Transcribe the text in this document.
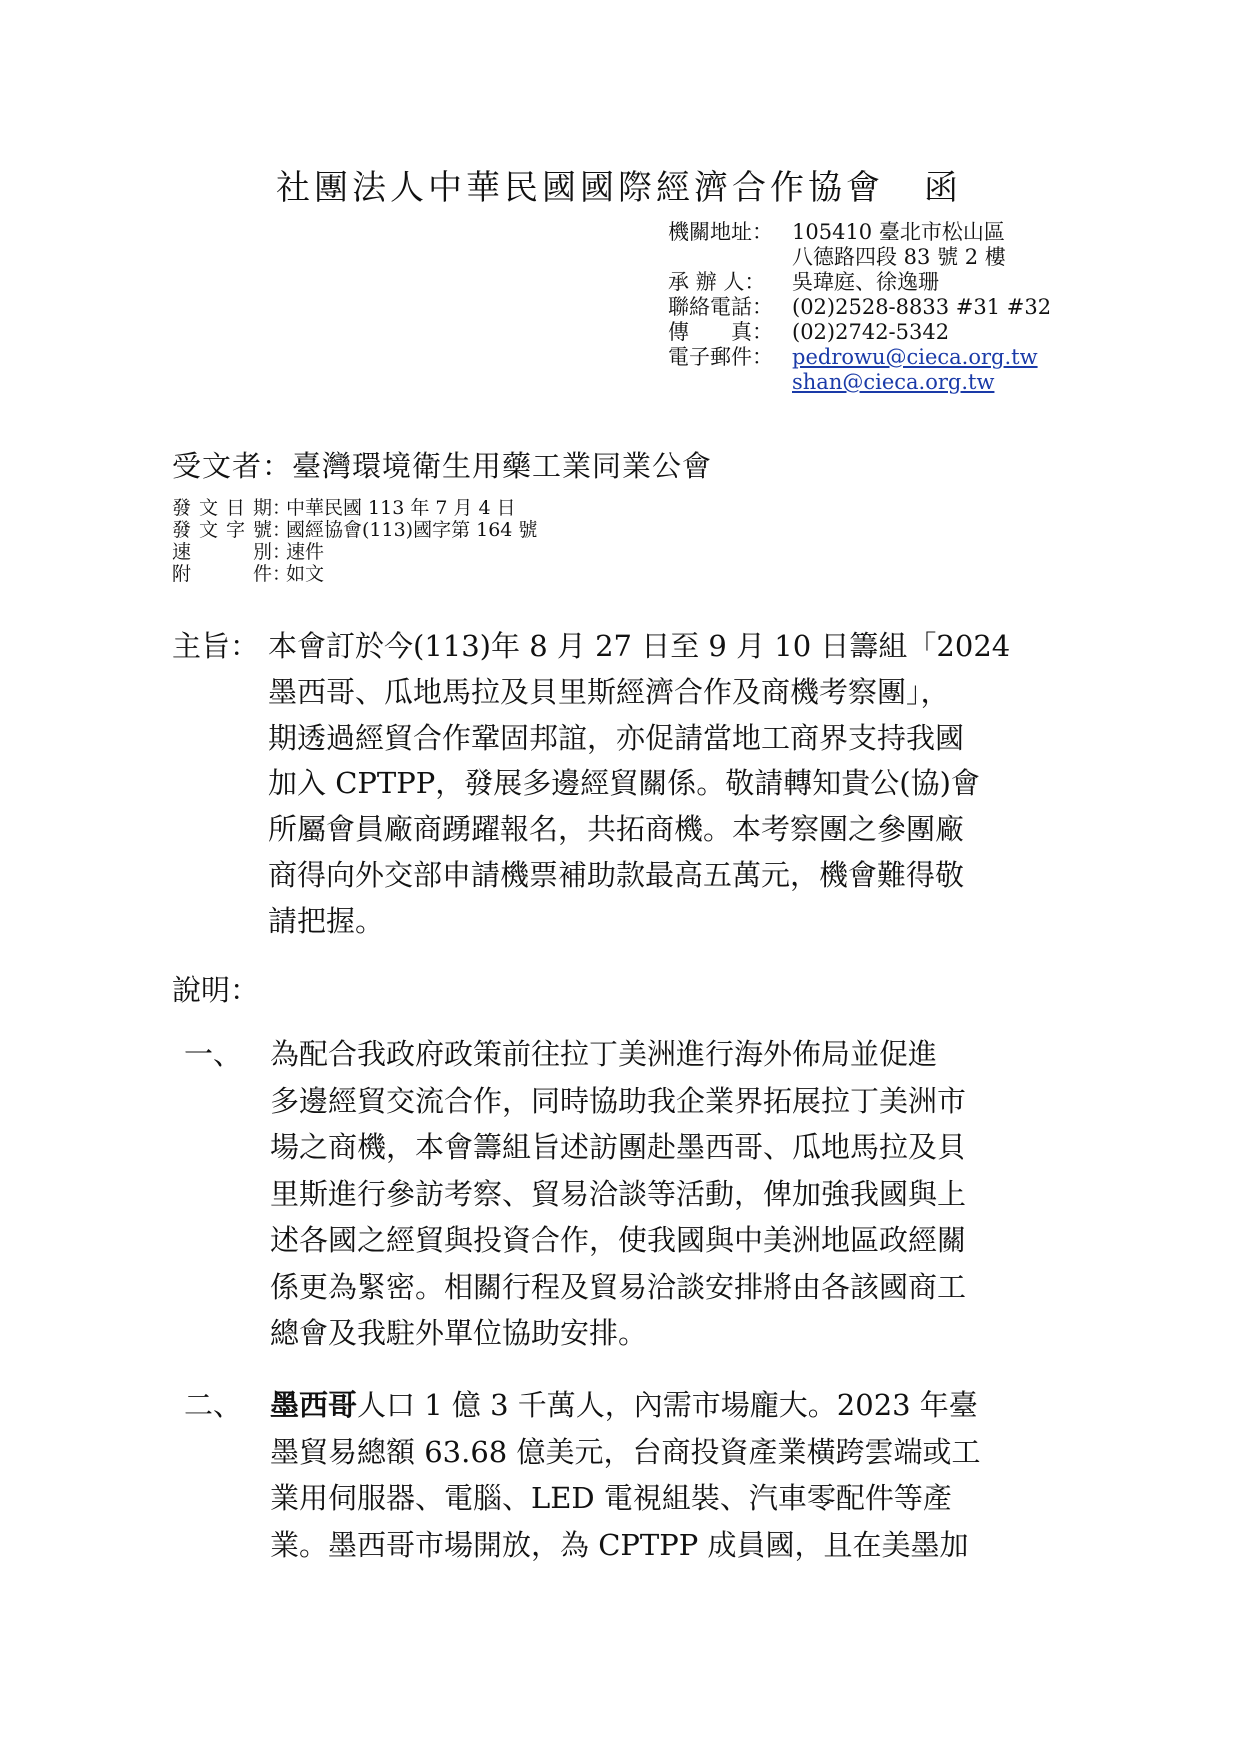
社團法人中華民國國際經濟合作協會 函
機關地址： 105410 臺北市松山區
八德路四段 83 號 2 樓
承 辦 人：	吳瑋庭、徐逸珊
聯絡電話： (02)2528-8833 #31 #32
傳　　真： (02)2742-5342
電子郵件： pedrowu@cieca.org.tw
shan@cieca.org.tw
受文者：臺灣環境衛生用藥工業同業公會
發文日期 ：
中華民國 113 年 7 月 4 日
發文字號 ：
國經協會(113)國字第 164 號
速別 ：
速件
附件 ：
如文
主旨： 本會訂於今(113)年 8 月 27 日至 9 月 10 日籌組「2024
墨西哥、瓜地馬拉及貝里斯經濟合作及商機考察團」，
期透過經貿合作鞏固邦誼，亦促請當地工商界支持我國
加入 CPTPP，發展多邊經貿關係。敬請轉知貴公(協)會
所屬會員廠商踴躍報名，共拓商機。本考察團之參團廠
商得向外交部申請機票補助款最高五萬元，機會難得敬
請把握。
說明：
一、 為配合我政府政策前往拉丁美洲進行海外佈局並促進
多邊經貿交流合作，同時協助我企業界拓展拉丁美洲市
場之商機，本會籌組旨述訪團赴墨西哥、瓜地馬拉及貝
里斯進行參訪考察、貿易洽談等活動，俾加強我國與上
述各國之經貿與投資合作，使我國與中美洲地區政經關
係更為緊密。相關行程及貿易洽談安排將由各該國商工
總會及我駐外單位協助安排。
二、 墨西哥人口 1 億 3 千萬人，內需市場龐大。2023 年臺
墨貿易總額 63.68 億美元，台商投資產業橫跨雲端或工
業用伺服器、電腦、LED 電視組裝、汽車零配件等產
業。墨西哥市場開放，為 CPTPP 成員國，且在美墨加
